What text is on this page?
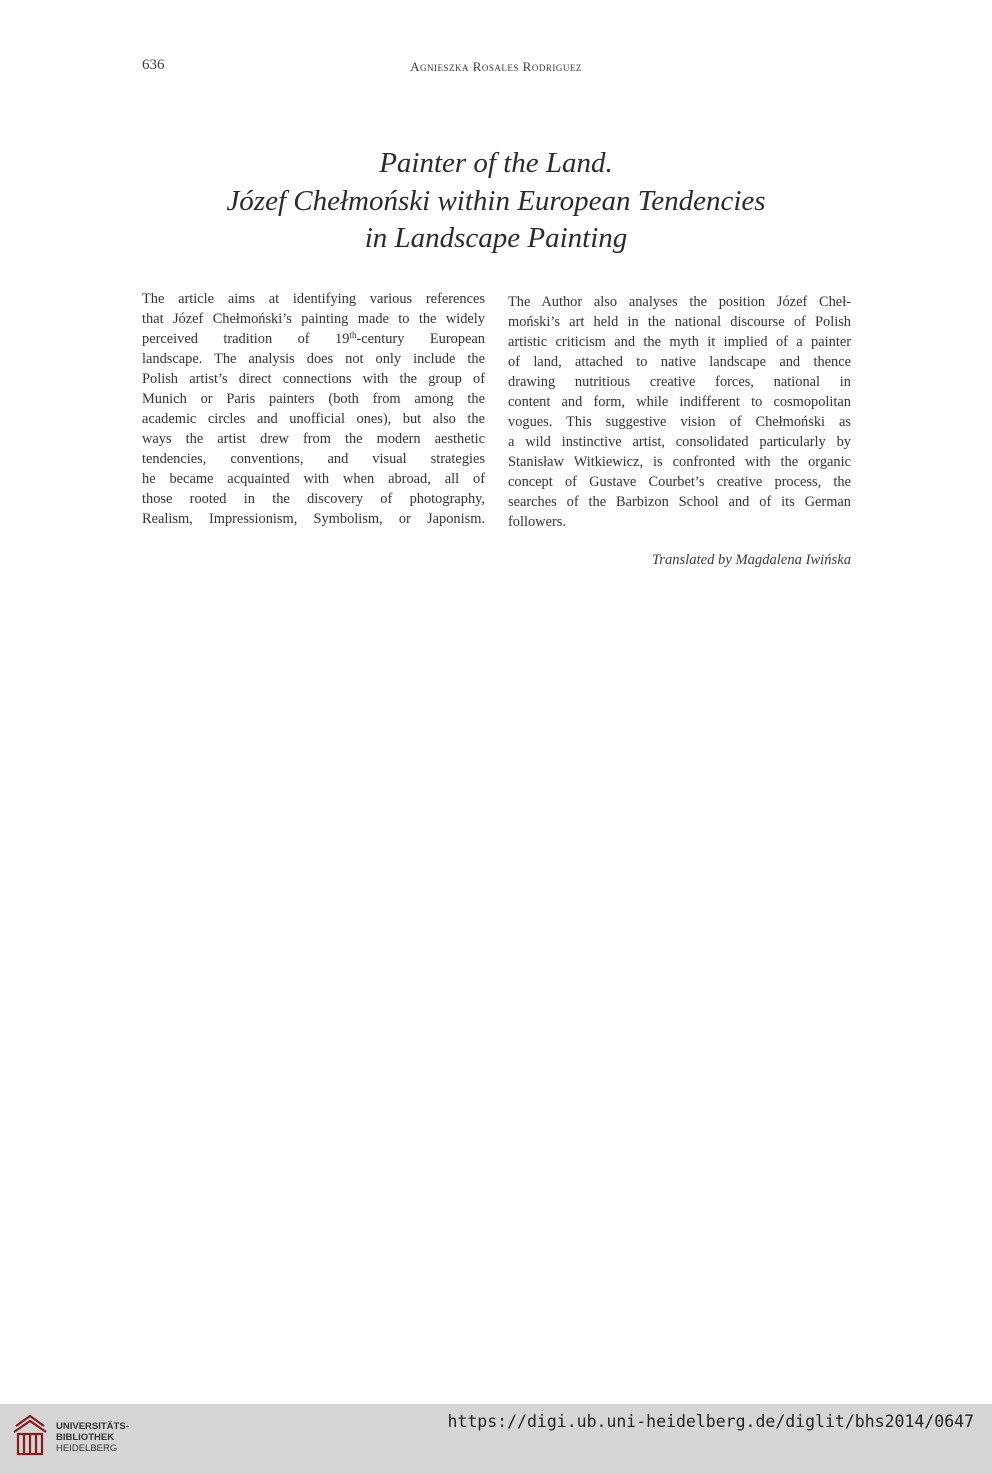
636	Agnieszka Rosales Rodriguez
Painter of the Land.
Józef Chełmoński within European Tendencies
in Landscape Painting
The article aims at identifying various references
that Józef Chełmoński’s painting made to the widely
perceived tradition of 19th-century European
landscape. The analysis does not only include the
Polish artist’s direct connections with the group of
Munich or Paris painters (both from among the
academic circles and unofficial ones), but also the
ways the artist drew from the modern aesthetic
tendencies, conventions, and visual strategies
he became acquainted with when abroad, all of
those rooted in the discovery of photography,
Realism, Impressionism, Symbolism, or Japonism.
The Author also analyses the position Józef Cheł-
moński’s art held in the national discourse of Polish
artistic criticism and the myth it implied of a painter
of land, attached to native landscape and thence
drawing nutritious creative forces, national in
content and form, while indifferent to cosmopolitan
vogues. This suggestive vision of Chełmoński as
a wild instinctive artist, consolidated particularly by
Stanisław Witkiewicz, is confronted with the organic
concept of Gustave Courbet’s creative process, the
searches of the Barbizon School and of its German
followers.
Translated by Magdalena Iwińska
UNIVERSITÄTS-
BIBLIOTHEK
HEIDELBERG
https://digi.ub.uni-heidelberg.de/diglit/bhs2014/0647
